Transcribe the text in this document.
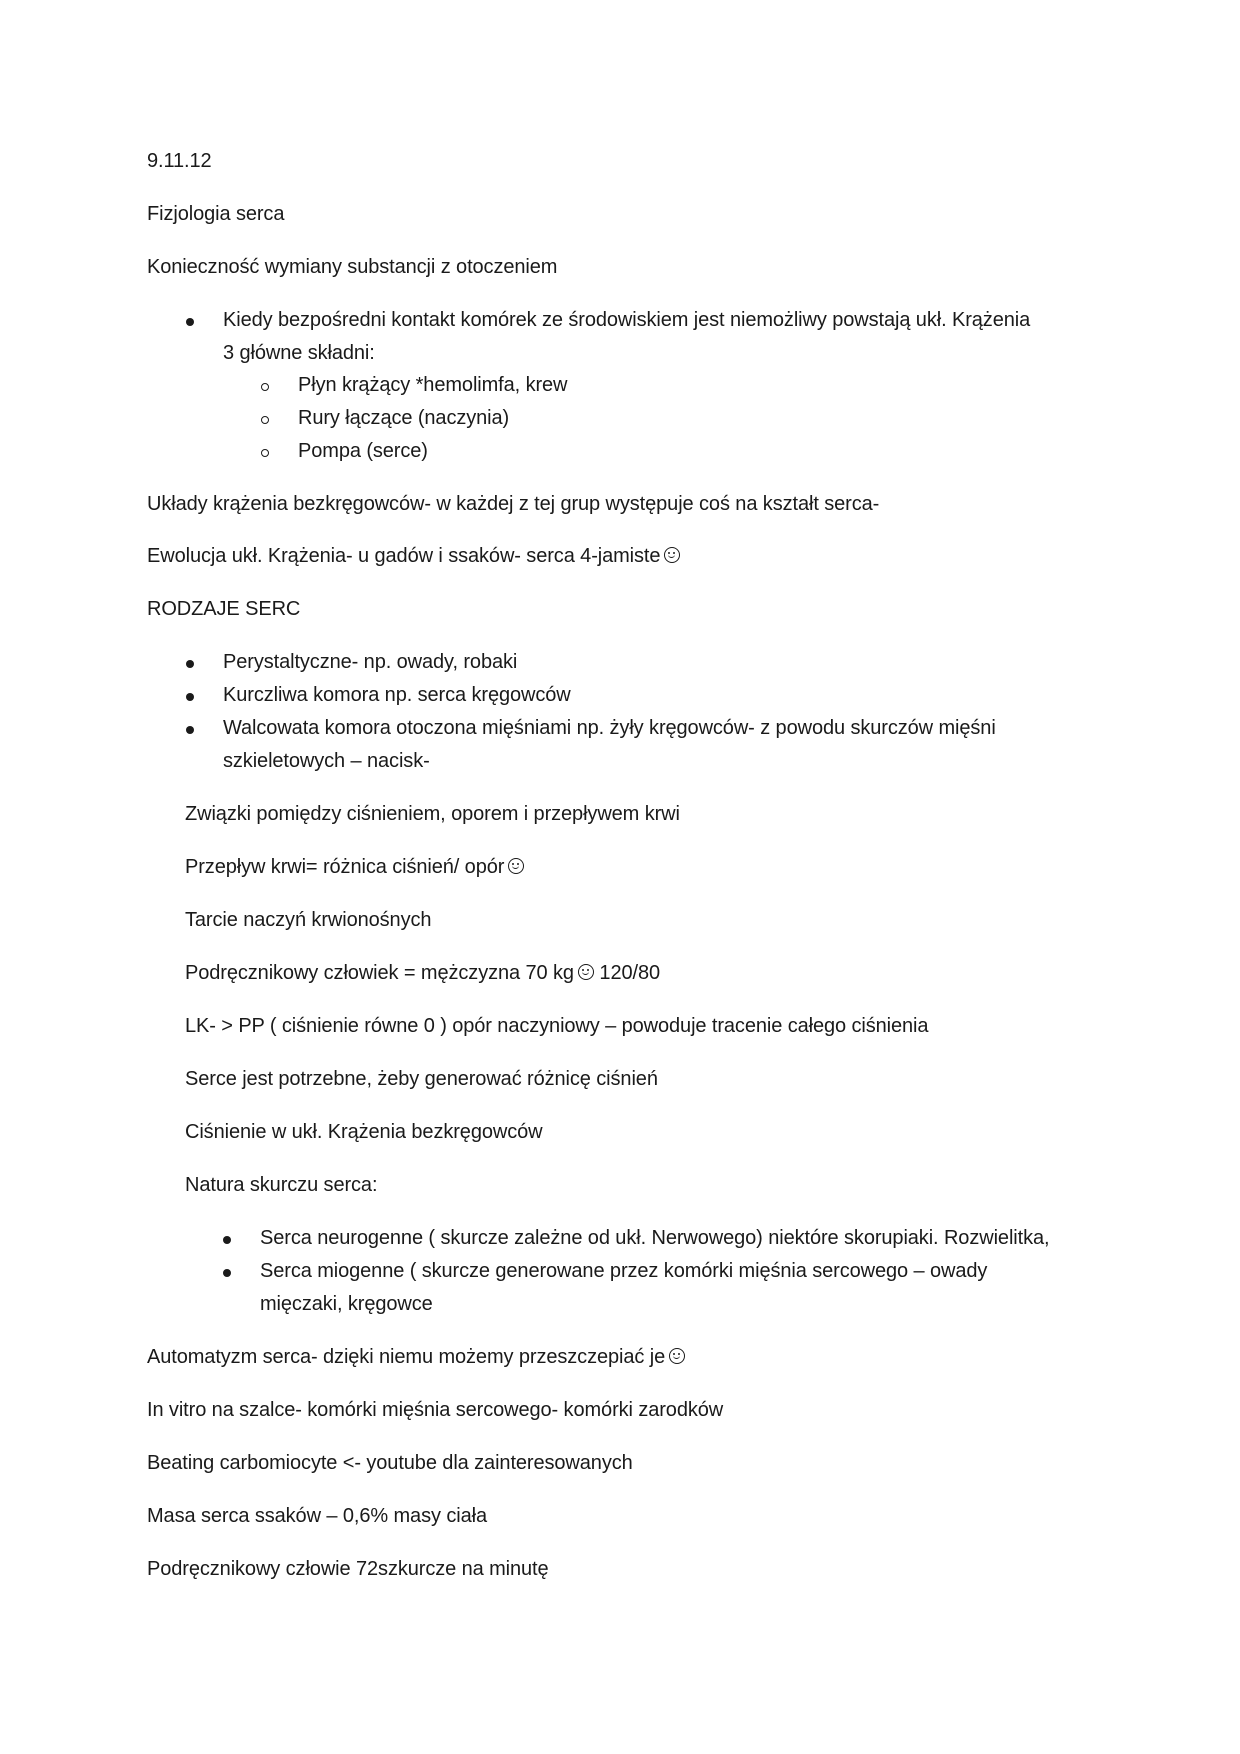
9.11.12
Fizjologia serca
Konieczność wymiany substancji z otoczeniem
Kiedy bezpośredni kontakt komórek ze środowiskiem jest niemożliwy powstają ukł. Krążenia
3 główne składni:
Płyn krążący *hemolimfa, krew
Rury łączące (naczynia)
Pompa (serce)
Układy krążenia bezkręgowców- w każdej z tej grup występuje coś na kształt serca-
Ewolucja ukł. Krążenia- u gadów i ssaków- serca 4-jamiste
RODZAJE SERC
Perystaltyczne- np. owady, robaki
Kurczliwa komora np. serca kręgowców
Walcowata komora otoczona mięśniami np. żyły kręgowców- z powodu skurczów mięśni
szkieletowych – nacisk-
Związki pomiędzy ciśnieniem, oporem i przepływem krwi
Przepływ krwi= różnica ciśnień/ opór
Tarcie naczyń krwionośnych
Podręcznikowy człowiek = mężczyzna 70 kg 120/80
LK- > PP ( ciśnienie równe 0 ) opór naczyniowy – powoduje tracenie całego ciśnienia
Serce jest potrzebne, żeby generować różnicę ciśnień
Ciśnienie w ukł. Krążenia bezkręgowców
Natura skurczu serca:
Serca neurogenne ( skurcze zależne od ukł. Nerwowego) niektóre skorupiaki. Rozwielitka,
Serca miogenne ( skurcze generowane przez komórki mięśnia sercowego – owady
mięczaki, kręgowce
Automatyzm serca- dzięki niemu możemy przeszczepiać je
In vitro na szalce- komórki mięśnia sercowego- komórki zarodków
Beating carbomiocyte <- youtube dla zainteresowanych
Masa serca ssaków – 0,6% masy ciała
Podręcznikowy człowie 72szkurcze na minutę
